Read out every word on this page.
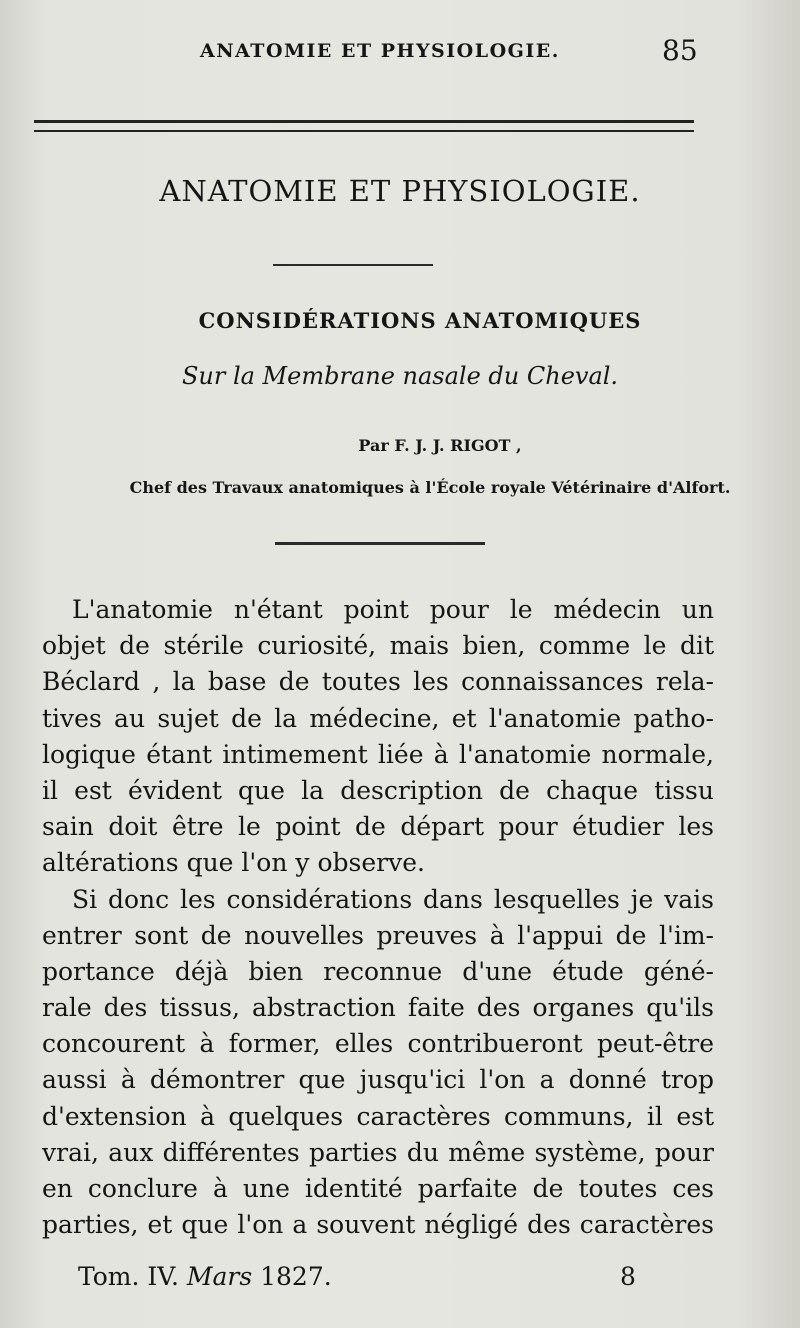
ANATOMIE ET PHYSIOLOGIE.	85
ANATOMIE ET PHYSIOLOGIE.
CONSIDÉRATIONS ANATOMIQUES
Sur la Membrane nasale du Cheval.
Par F. J. J. RIGOT ,
Chef des Travaux anatomiques à l'École royale Vétérinaire d'Alfort.
L'anatomie n'étant point pour le médecin un
objet de stérile curiosité, mais bien, comme le dit
Béclard , la base de toutes les connaissances rela-
tives au sujet de la médecine, et l'anatomie patho-
logique étant intimement liée à l'anatomie normale,
il est évident que la description de chaque tissu
sain doit être le point de départ pour étudier les
altérations que l'on y observe.
Si donc les considérations dans lesquelles je vais
entrer sont de nouvelles preuves à l'appui de l'im-
portance déjà bien reconnue d'une étude géné-
rale des tissus, abstraction faite des organes qu'ils
concourent à former, elles contribueront peut-être
aussi à démontrer que jusqu'ici l'on a donné trop
d'extension à quelques caractères communs, il est
vrai, aux différentes parties du même système, pour
en conclure à une identité parfaite de toutes ces
parties, et que l'on a souvent négligé des caractères
Tom. IV. Mars 1827.	8
